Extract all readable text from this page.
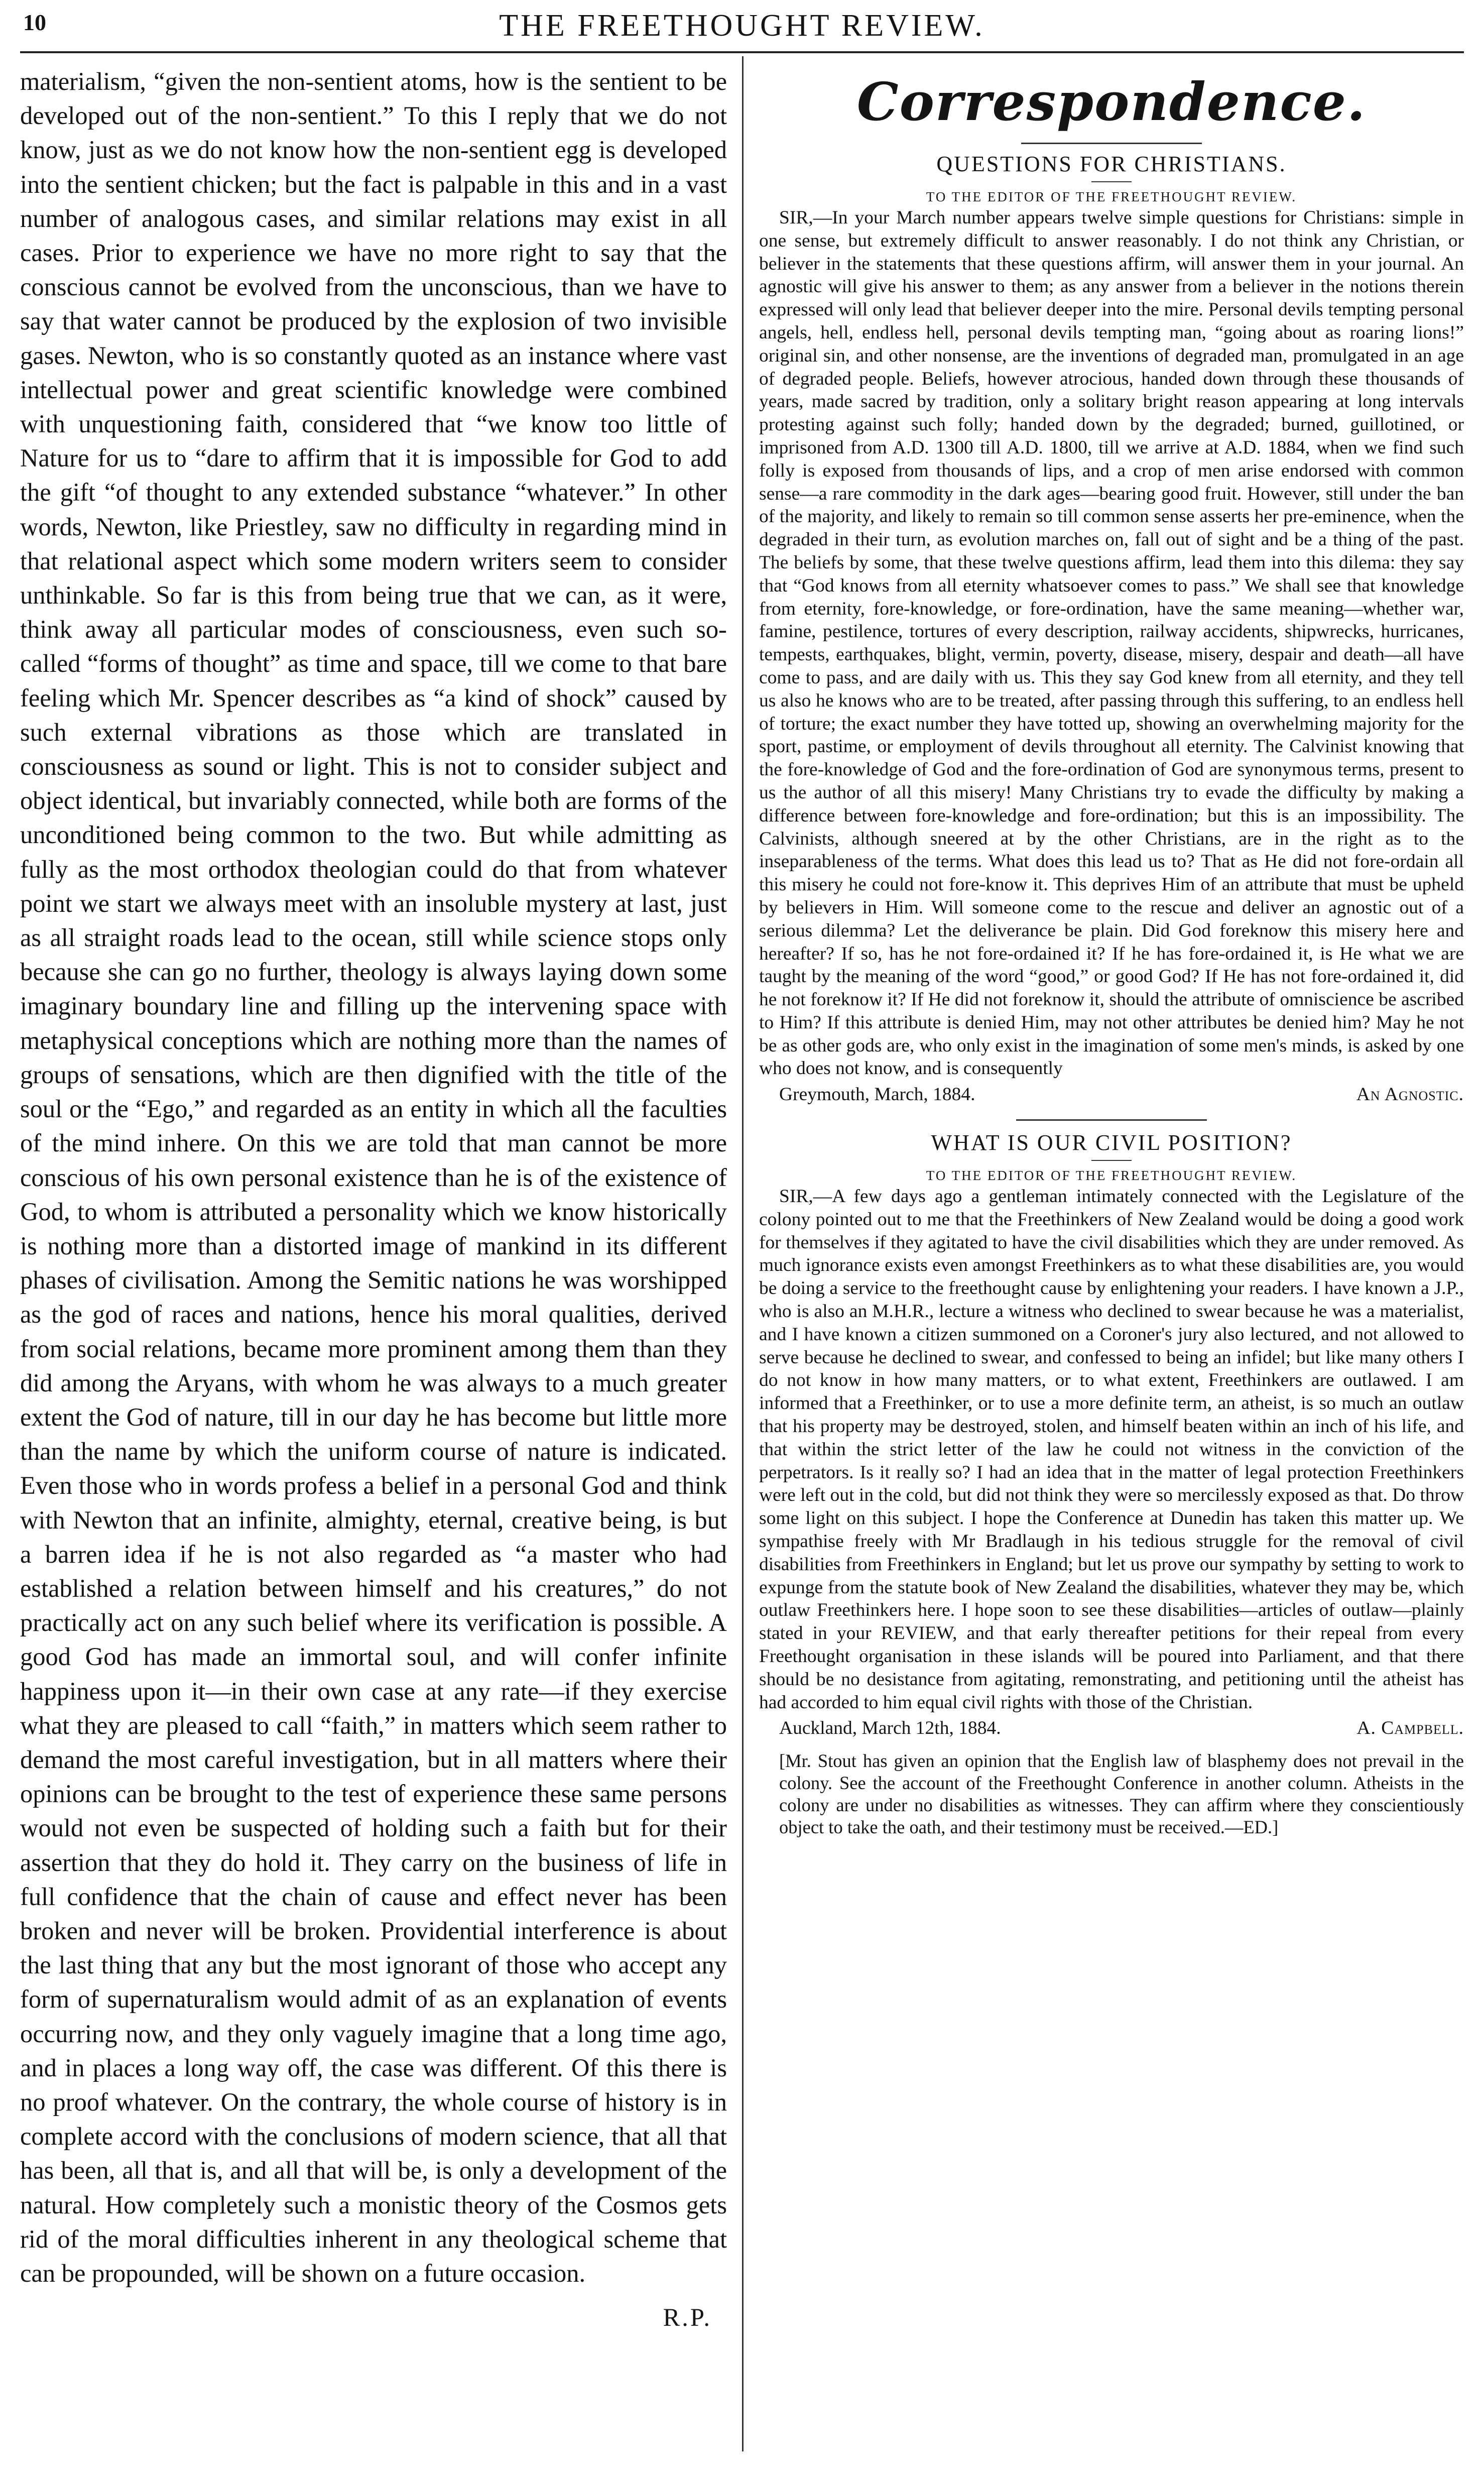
10	THE FREETHOUGHT REVIEW.

materialism, “given the non-sentient atoms, how is the sentient to be developed out of the non-sentient.” To this I reply that we do not know, just as we do not know how the non-sentient egg is developed into the sentient chicken; but the fact is palpable in this and in a vast number of analogous cases, and similar relations may exist in all cases. Prior to experience we have no more right to say that the conscious cannot be evolved from the unconscious, than we have to say that water cannot be produced by the explosion of two invisible gases. Newton, who is so constantly quoted as an instance where vast intellectual power and great scientific knowledge were combined with unquestioning faith, considered that “we know too little of Nature for us to “dare to affirm that it is impossible for God to add the gift “of thought to any extended substance “whatever.” In other words, Newton, like Priestley, saw no difficulty in regarding mind in that relational aspect which some modern writers seem to consider unthinkable. So far is this from being true that we can, as it were, think away all particular modes of consciousness, even such so-called “forms of thought” as time and space, till we come to that bare feeling which Mr. Spencer describes as “a kind of shock” caused by such external vibrations as those which are translated in consciousness as sound or light. This is not to consider subject and object identical, but invariably connected, while both are forms of the unconditioned being common to the two. But while admitting as fully as the most orthodox theologian could do that from whatever point we start we always meet with an insoluble mystery at last, just as all straight roads lead to the ocean, still while science stops only because she can go no further, theology is always laying down some imaginary boundary line and filling up the intervening space with metaphysical conceptions which are nothing more than the names of groups of sensations, which are then dignified with the title of the soul or the “Ego,” and regarded as an entity in which all the faculties of the mind inhere. On this we are told that man cannot be more conscious of his own personal existence than he is of the existence of God, to whom is attributed a personality which we know historically is nothing more than a distorted image of mankind in its different phases of civilisation. Among the Semitic nations he was worshipped as the god of races and nations, hence his moral qualities, derived from social relations, became more prominent among them than they did among the Aryans, with whom he was always to a much greater extent the God of nature, till in our day he has become but little more than the name by which the uniform course of nature is indicated. Even those who in words profess a belief in a personal God and think with Newton that an infinite, almighty, eternal, creative being, is but a barren idea if he is not also regarded as “a master who had established a relation between himself and his creatures,” do not practically act on any such belief where its verification is possible. A good God has made an immortal soul, and will confer infinite happiness upon it—in their own case at any rate—if they exercise what they are pleased to call “faith,” in matters which seem rather to demand the most careful investigation, but in all matters where their opinions can be brought to the test of experience these same persons would not even be suspected of holding such a faith but for their assertion that they do hold it. They carry on the business of life in full confidence that the chain of cause and effect never has been broken and never will be broken. Providential interference is about the last thing that any but the most ignorant of those who accept any form of supernaturalism would admit of as an explanation of events occurring now, and they only vaguely imagine that a long time ago, and in places a long way off, the case was different. Of this there is no proof whatever. On the contrary, the whole course of history is in complete accord with the conclusions of modern science, that all that has been, all that is, and all that will be, is only a development of the natural. How completely such a monistic theory of the Cosmos gets rid of the moral difficulties inherent in any theological scheme that can be propounded, will be shown on a future occasion.

R.P.

Correspondence.
QUESTIONS FOR CHRISTIANS.
TO THE EDITOR OF THE FREETHOUGHT REVIEW.

SIR,—In your March number appears twelve simple questions for Christians: simple in one sense, but extremely difficult to answer reasonably. I do not think any Christian, or believer in the statements that these questions affirm, will answer them in your journal. An agnostic will give his answer to them; as any answer from a believer in the notions therein expressed will only lead that believer deeper into the mire. Personal devils tempting personal angels, hell, endless hell, personal devils tempting man, “going about as roaring lions!” original sin, and other nonsense, are the inventions of degraded man, promulgated in an age of degraded people. Beliefs, however atrocious, handed down through these thousands of years, made sacred by tradition, only a solitary bright reason appearing at long intervals protesting against such folly; handed down by the degraded; burned, guillotined, or imprisoned from A.D. 1300 till A.D. 1800, till we arrive at A.D. 1884, when we find such folly is exposed from thousands of lips, and a crop of men arise endorsed with common sense—a rare commodity in the dark ages—bearing good fruit. However, still under the ban of the majority, and likely to remain so till common sense asserts her pre-eminence, when the degraded in their turn, as evolution marches on, fall out of sight and be a thing of the past. The beliefs by some, that these twelve questions affirm, lead them into this dilema: they say that “God knows from all eternity whatsoever comes to pass.” We shall see that knowledge from eternity, fore-knowledge, or fore-ordination, have the same meaning—whether war, famine, pestilence, tortures of every description, railway accidents, shipwrecks, hurricanes, tempests, earthquakes, blight, vermin, poverty, disease, misery, despair and death—all have come to pass, and are daily with us. This they say God knew from all eternity, and they tell us also he knows who are to be treated, after passing through this suffering, to an endless hell of torture; the exact number they have totted up, showing an overwhelming majority for the sport, pastime, or employment of devils throughout all eternity. The Calvinist knowing that the fore-knowledge of God and the fore-ordination of God are synonymous terms, present to us the author of all this misery! Many Christians try to evade the difficulty by making a difference between fore-knowledge and fore-ordination; but this is an impossibility. The Calvinists, although sneered at by the other Christians, are in the right as to the inseparableness of the terms. What does this lead us to? That as He did not fore-ordain all this misery he could not fore-know it. This deprives Him of an attribute that must be upheld by believers in Him. Will someone come to the rescue and deliver an agnostic out of a serious dilemma? Let the deliverance be plain. Did God foreknow this misery here and hereafter? If so, has he not fore-ordained it? If he has fore-ordained it, is He what we are taught by the meaning of the word “good,” or good God? If He has not fore-ordained it, did he not foreknow it? If He did not foreknow it, should the attribute of omniscience be ascribed to Him? If this attribute is denied Him, may not other attributes be denied him? May he not be as other gods are, who only exist in the imagination of some men's minds, is asked by one who does not know, and is consequently

Greymouth, March, 1884.	An Agnostic.
WHAT IS OUR CIVIL POSITION?
TO THE EDITOR OF THE FREETHOUGHT REVIEW.

SIR,—A few days ago a gentleman intimately connected with the Legislature of the colony pointed out to me that the Freethinkers of New Zealand would be doing a good work for themselves if they agitated to have the civil disabilities which they are under removed. As much ignorance exists even amongst Freethinkers as to what these disabilities are, you would be doing a service to the freethought cause by enlightening your readers. I have known a J.P., who is also an M.H.R., lecture a witness who declined to swear because he was a materialist, and I have known a citizen summoned on a Coroner's jury also lectured, and not allowed to serve because he declined to swear, and confessed to being an infidel; but like many others I do not know in how many matters, or to what extent, Freethinkers are outlawed. I am informed that a Freethinker, or to use a more definite term, an atheist, is so much an outlaw that his property may be destroyed, stolen, and himself beaten within an inch of his life, and that within the strict letter of the law he could not witness in the conviction of the perpetrators. Is it really so? I had an idea that in the matter of legal protection Freethinkers were left out in the cold, but did not think they were so mercilessly exposed as that. Do throw some light on this subject. I hope the Conference at Dunedin has taken this matter up. We sympathise freely with Mr Bradlaugh in his tedious struggle for the removal of civil disabilities from Freethinkers in England; but let us prove our sympathy by setting to work to expunge from the statute book of New Zealand the disabilities, whatever they may be, which outlaw Freethinkers here. I hope soon to see these disabilities—articles of outlaw—plainly stated in your REVIEW, and that early thereafter petitions for their repeal from every Freethought organisation in these islands will be poured into Parliament, and that there should be no desistance from agitating, remonstrating, and petitioning until the atheist has had accorded to him equal civil rights with those of the Christian.

Auckland, March 12th, 1884.	A. Campbell.

[Mr. Stout has given an opinion that the English law of blasphemy does not prevail in the colony. See the account of the Freethought Conference in another column. Atheists in the colony are under no disabilities as witnesses. They can affirm where they conscientiously object to take the oath, and their testimony must be received.—ED.]
